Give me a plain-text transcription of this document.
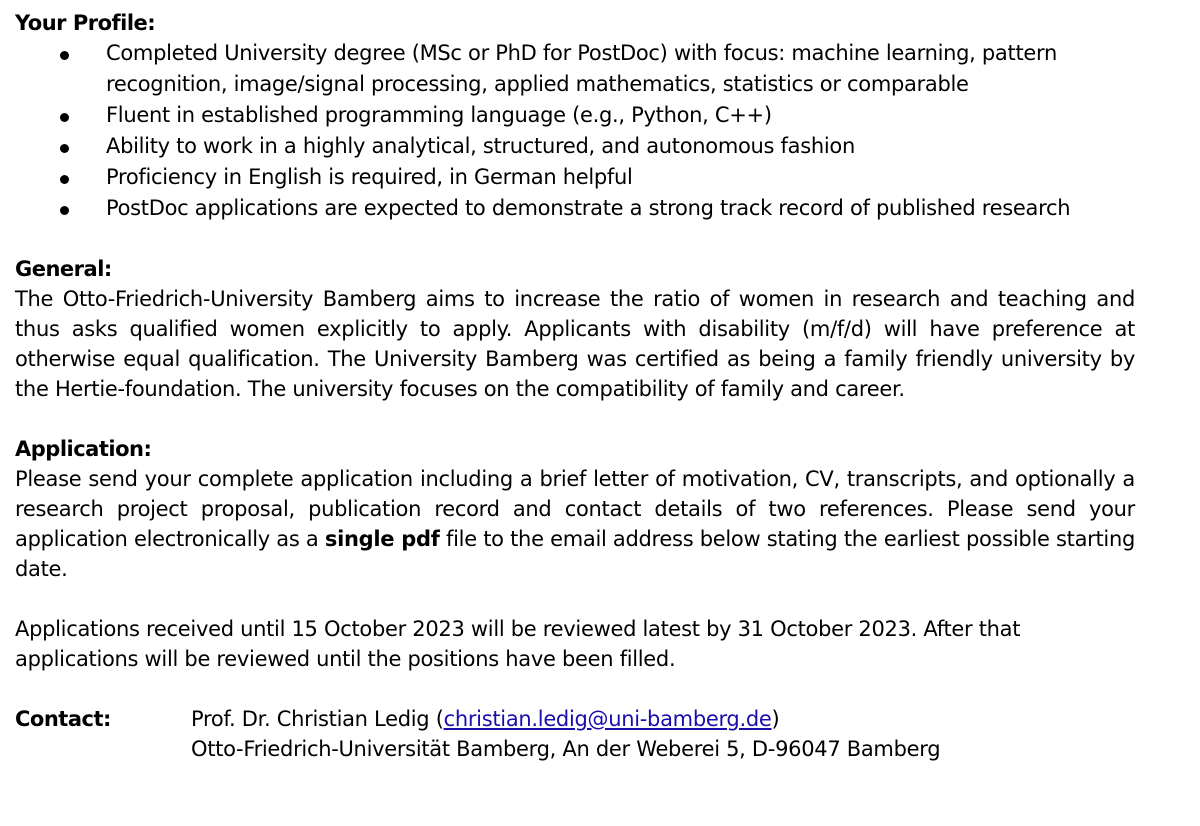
Your Profile:
Completed University degree (MSc or PhD for PostDoc) with focus: machine learning, pattern recognition, image/signal processing, applied mathematics, statistics or comparable
Fluent in established programming language (e.g., Python, C++)
Ability to work in a highly analytical, structured, and autonomous fashion
Proficiency in English is required, in German helpful
PostDoc applications are expected to demonstrate a strong track record of published research
General:

The Otto-Friedrich-University Bamberg aims to increase the ratio of women in research and teaching and thus asks qualified women explicitly to apply. Applicants with disability (m/f/d) will have preference at otherwise equal qualification. The University Bamberg was certified as being a family friendly university by the Hertie-foundation. The university focuses on the compatibility of family and career.

Application:

Please send your complete application including a brief letter of motivation, CV, transcripts, and optionally a research project proposal, publication record and contact details of two references. Please send your application electronically as a single pdf file to the email address below stating the earliest possible starting date.

Applications received until 15 October 2023 will be reviewed latest by 31 October 2023. After that applications will be reviewed until the positions have been filled.

Contact:	Prof. Dr. Christian Ledig (christian.ledig@uni-bamberg.de)
Otto-Friedrich-Universität Bamberg, An der Weberei 5, D-96047 Bamberg
